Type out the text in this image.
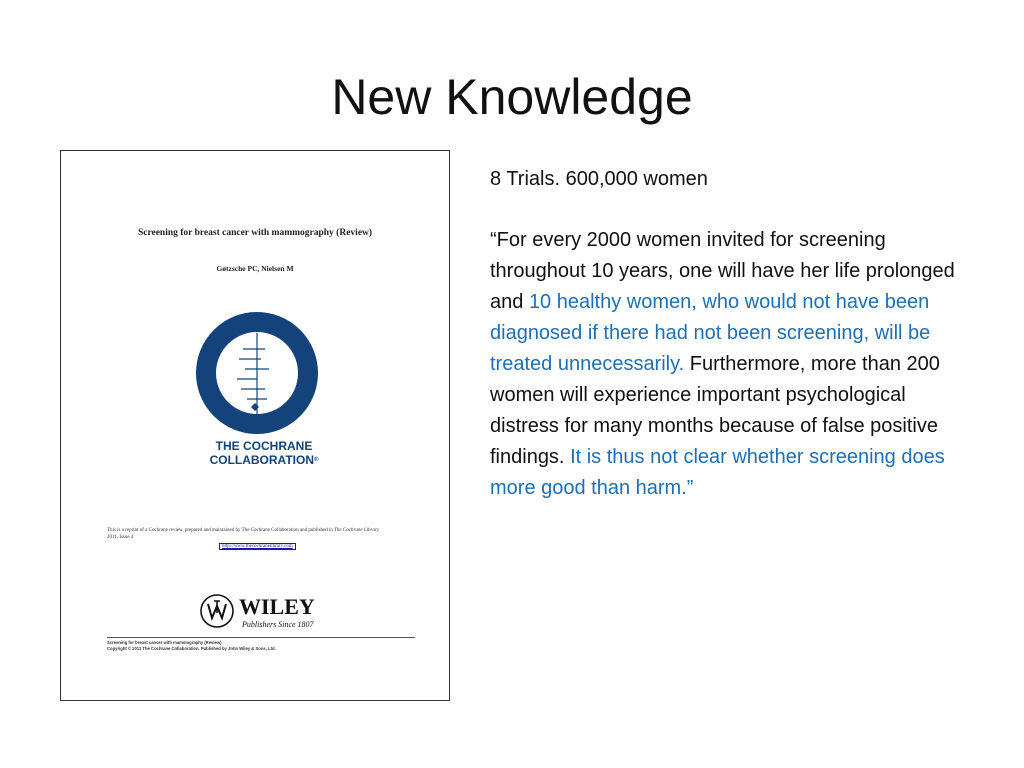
New Knowledge
Screening for breast cancer with mammography (Review)
Gøtzsche PC, Nielsen M
THE COCHRANE
COLLABORATION®
This is a reprint of a Cochrane review, prepared and maintained by The Cochrane Collaboration and published in The Cochrane Library
2011, Issue 4
http://www.thecochranelibrary.com
WILEY
Publishers Since 1807
Screening for breast cancer with mammography (Review)
Copyright © 2011 The Cochrane Collaboration. Published by John Wiley & Sons, Ltd.

8 Trials. 600,000 women

“For every 2000 women invited for screening throughout 10 years, one will have her life prolonged and 10 healthy women, who would not have been diagnosed if there had not been screening, will be treated unnecessarily. Furthermore, more than 200 women will experience important psychological distress for many months because of false positive findings. It is thus not clear whether screening does more good than harm.”
